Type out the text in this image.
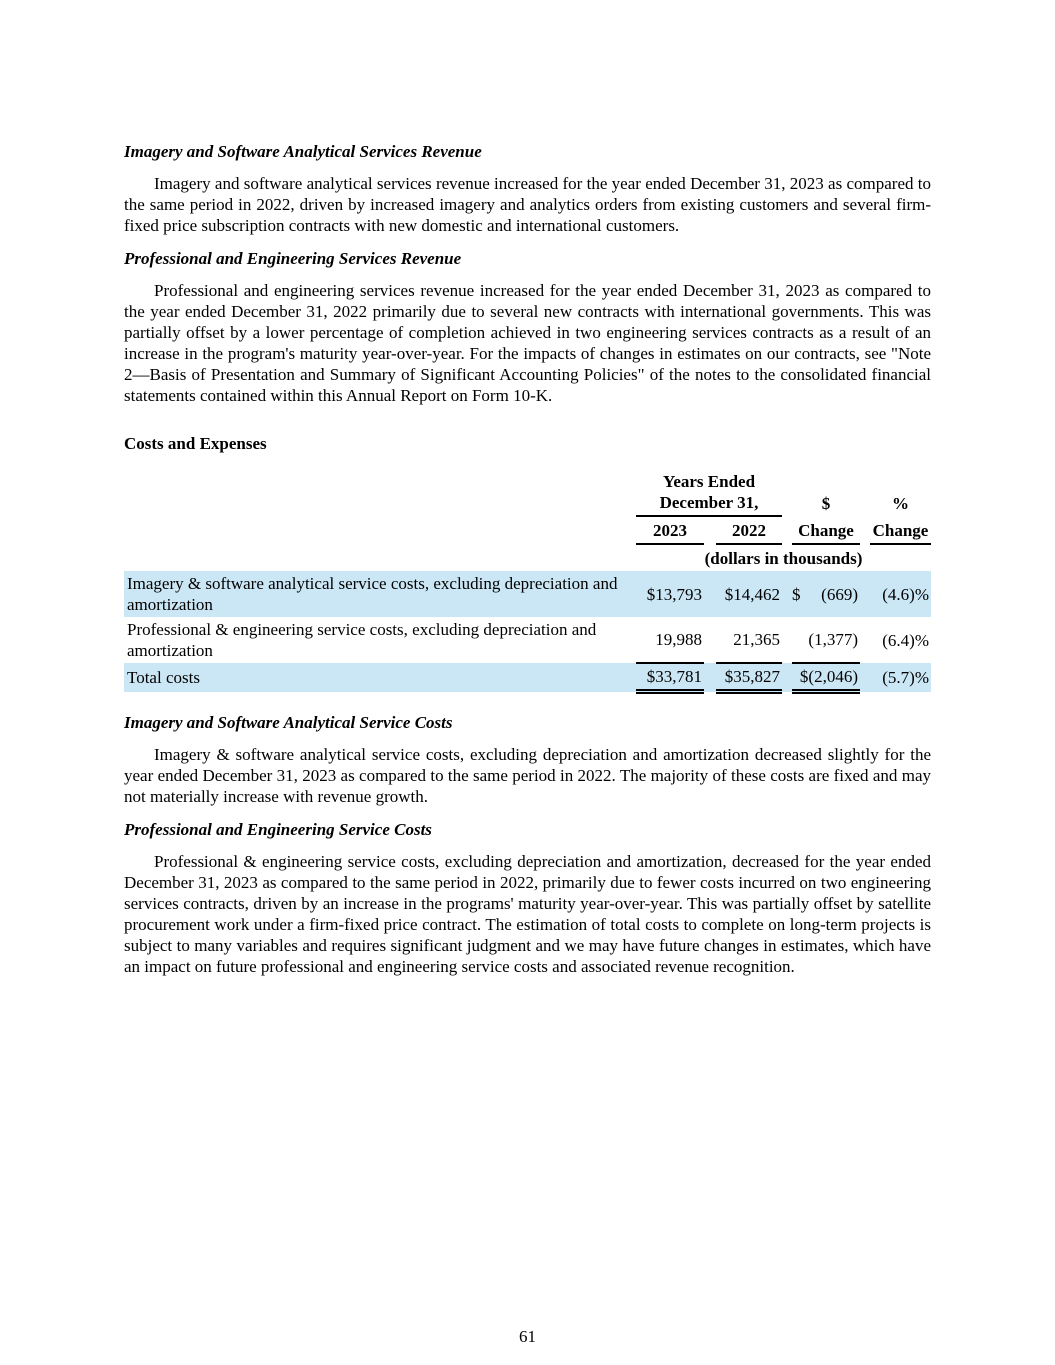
Imagery and Software Analytical Services Revenue

Imagery and software analytical services revenue increased for the year ended December 31, 2023 as compared to the same period in 2022, driven by increased imagery and analytics orders from existing customers and several firm-fixed price subscription contracts with new domestic and international customers.

Professional and Engineering Services Revenue

Professional and engineering services revenue increased for the year ended December 31, 2023 as compared to the year ended December 31, 2022 primarily due to several new contracts with international governments. This was partially offset by a lower percentage of completion achieved in two engineering services contracts as a result of an increase in the program's maturity year-over-year. For the impacts of changes in estimates on our contracts, see "Note 2—Basis of Presentation and Summary of Significant Accounting Policies" of the notes to the consolidated financial statements contained within this Annual Report on Form 10-K.

Costs and Expenses

	Years Ended
December 31,				$		%
	2023		2022		Change		Change
	(dollars in thousands)						
Imagery & software analytical service costs, excluding depreciation and amortization	$13,793		$14,462		$ (669)		(4.6)%
Professional & engineering service costs, excluding depreciation and amortization	19,988		21,365		(1,377)		(6.4)%
Total costs	$33,781		$35,827		$(2,046)		(5.7)%
Imagery and Software Analytical Service Costs

Imagery & software analytical service costs, excluding depreciation and amortization decreased slightly for the year ended December 31, 2023 as compared to the same period in 2022. The majority of these costs are fixed and may not materially increase with revenue growth.

Professional and Engineering Service Costs

Professional & engineering service costs, excluding depreciation and amortization, decreased for the year ended December 31, 2023 as compared to the same period in 2022, primarily due to fewer costs incurred on two engineering services contracts, driven by an increase in the programs' maturity year-over-year. This was partially offset by satellite procurement work under a firm-fixed price contract. The estimation of total costs to complete on long-term projects is subject to many variables and requires significant judgment and we may have future changes in estimates, which have an impact on future professional and engineering service costs and associated revenue recognition.

61
